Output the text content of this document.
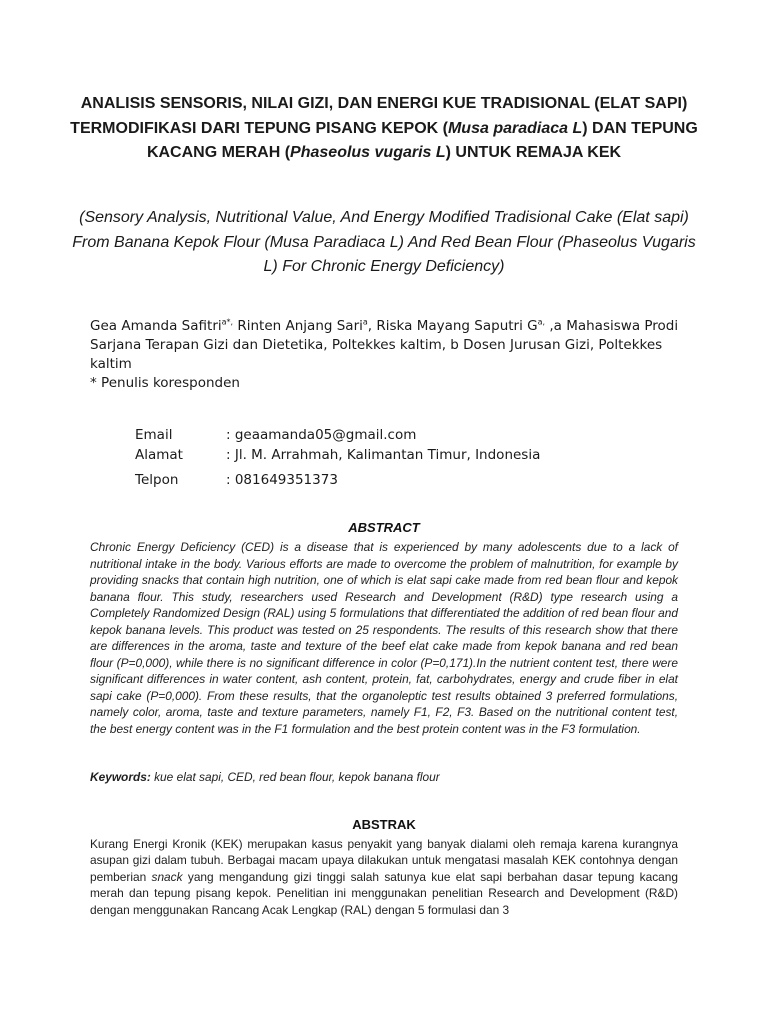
ANALISIS SENSORIS, NILAI GIZI, DAN ENERGI KUE TRADISIONAL (ELAT SAPI) TERMODIFIKASI DARI TEPUNG PISANG KEPOK (Musa paradiaca L) DAN TEPUNG KACANG MERAH (Phaseolus vugaris L) UNTUK REMAJA KEK
(Sensory Analysis, Nutritional Value, And Energy Modified Tradisional Cake (Elat sapi) From Banana Kepok Flour (Musa Paradiaca L) And Red Bean Flour (Phaseolus Vugaris L) For Chronic Energy Deficiency)
Gea Amanda Safitri$^{a*,}$ Rinten Anjang Sari$^a$, Riska Mayang Saputri $G^{a,}$ ,a Mahasiswa Prodi Sarjana Terapan Gizi dan Dietetika, Poltekkes kaltim, b Dosen Jurusan Gizi, Poltekkes kaltim
* Penulis koresponden
Email	: geaamanda05@gmail.com
Alamat	: Jl. M. Arrahmah, Kalimantan Timur, Indonesia
Telpon	: 081649351373
ABSTRACT
Chronic Energy Deficiency (CED) is a disease that is experienced by many adolescents due to a lack of nutritional intake in the body. Various efforts are made to overcome the problem of malnutrition, for example by providing snacks that contain high nutrition, one of which is elat sapi cake made from red bean flour and kepok banana flour. This study, researchers used Research and Development (R&D) type research using a Completely Randomized Design (RAL) using 5 formulations that differentiated the addition of red bean flour and kepok banana levels. This product was tested on 25 respondents. The results of this research show that there are differences in the aroma, taste and texture of the beef elat cake made from kepok banana and red bean flour (P=0,000), while there is no significant difference in color (P=0,171).In the nutrient content test, there were significant differences in water content, ash content, protein, fat, carbohydrates, energy and crude fiber in elat sapi cake (P=0,000). From these results, that the organoleptic test results obtained 3 preferred formulations, namely color, aroma, taste and texture parameters, namely F1, F2, F3. Based on the nutritional content test, the best energy content was in the F1 formulation and the best protein content was in the F3 formulation.
Keywords: kue elat sapi, CED, red bean flour, kepok banana flour
ABSTRAK
Kurang Energi Kronik (KEK) merupakan kasus penyakit yang banyak dialami oleh remaja karena kurangnya asupan gizi dalam tubuh. Berbagai macam upaya dilakukan untuk mengatasi masalah KEK contohnya dengan pemberian snack yang mengandung gizi tinggi salah satunya kue elat sapi berbahan dasar tepung kacang merah dan tepung pisang kepok. Penelitian ini menggunakan penelitian Research and Development (R&D) dengan menggunakan Rancang Acak Lengkap (RAL) dengan 5 formulasi dan 3
